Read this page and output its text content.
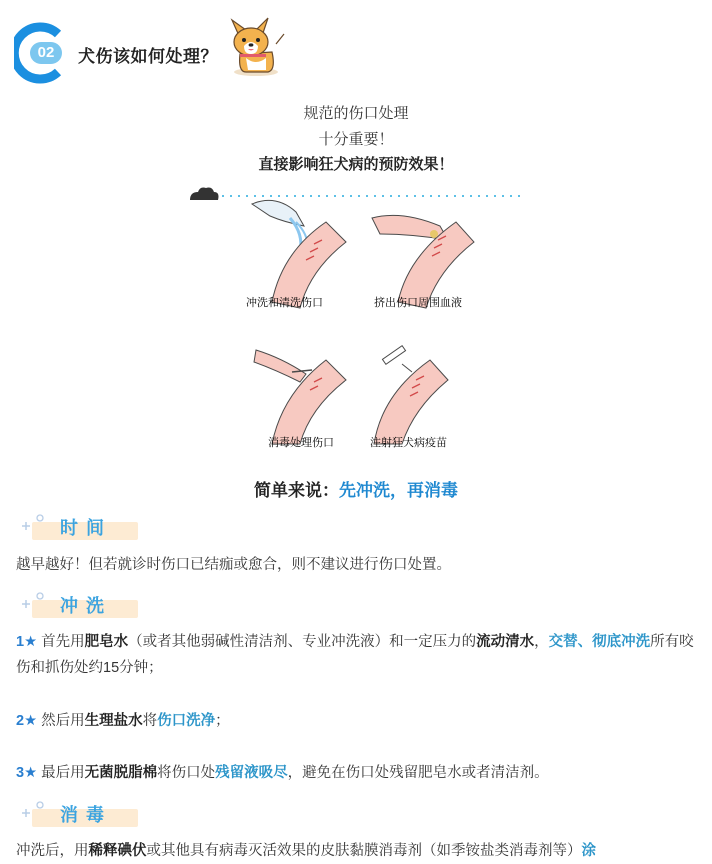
02	犬伤该如何处理？
规范的伤口处理
十分重要！
直接影响狂犬病的预防效果！
冲洗和清洗伤口	挤出伤口周围血液
消毒处理伤口	注射狂犬病疫苗
简单来说：先冲洗，再消毒
时间
越早越好！但若就诊时伤口已结痂或愈合，则不建议进行伤口处置。
冲洗
1★ 首先用肥皂水（或者其他弱碱性清洁剂、专业冲洗液）和一定压力的流动清水，交替、彻底冲洗所有咬伤和抓伤处约15分钟；
2★ 然后用生理盐水将伤口洗净；
3★ 最后用无菌脱脂棉将伤口处残留液吸尽，避免在伤口处残留肥皂水或者清洁剂。
消毒
冲洗后，用稀释碘伏或其他具有病毒灭活效果的皮肤黏膜消毒剂（如季铵盐类消毒剂等）涂
